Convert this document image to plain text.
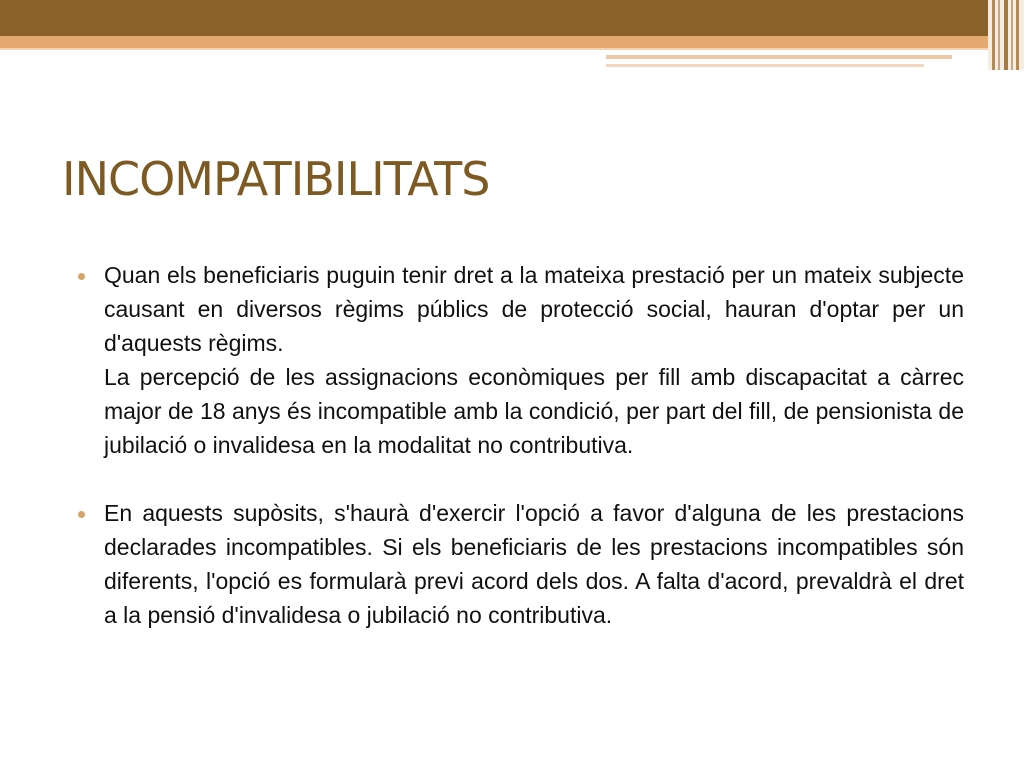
INCOMPATIBILITATS
Quan els beneficiaris puguin tenir dret a la mateixa prestació per un mateix subjecte causant en diversos règims públics de protecció social, hauran d'optar per un d'aquests règims.
La percepció de les assignacions econòmiques per fill amb discapacitat a càrrec major de 18 anys és incompatible amb la condició, per part del fill, de pensionista de jubilació o invalidesa en la modalitat no contributiva.
En aquests supòsits, s'haurà d'exercir l'opció a favor d'alguna de les prestacions declarades incompatibles. Si els beneficiaris de les prestacions incompatibles són diferents, l'opció es formularà previ acord dels dos. A falta d'acord, prevaldrà el dret a la pensió d'invalidesa o jubilació no contributiva.
